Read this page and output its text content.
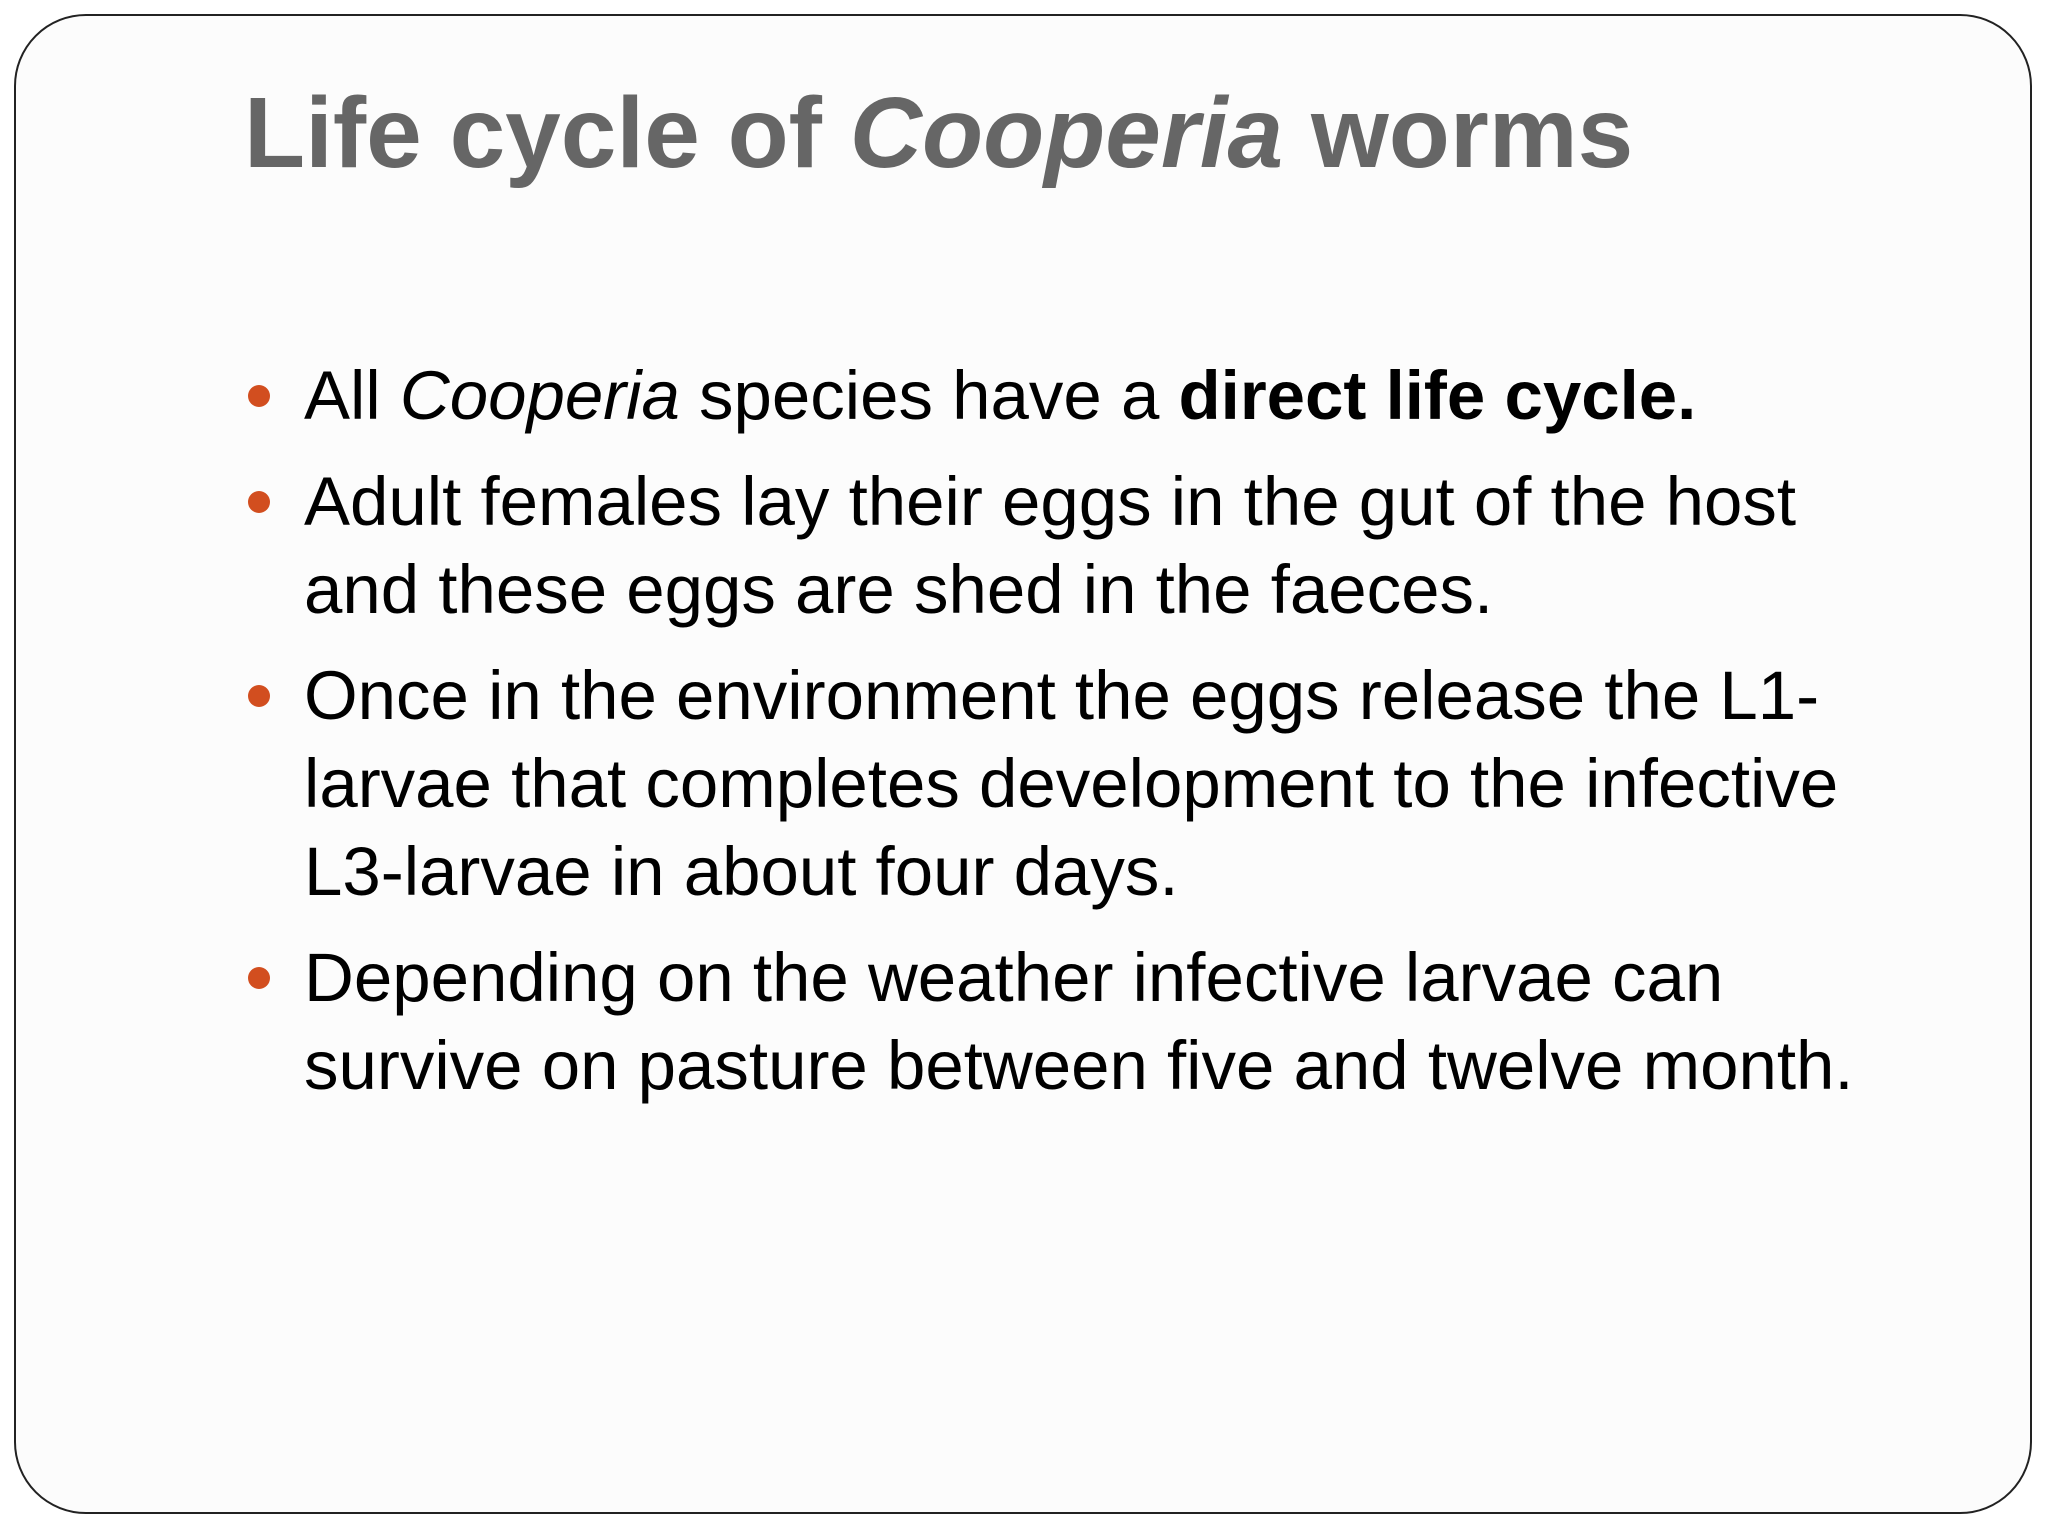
Life cycle of Cooperia worms
All Cooperia species have a direct life cycle.
Adult females lay their eggs in the gut of the host and these eggs are shed in the faeces.
Once in the environment the eggs release the L1-larvae that completes development to the infective L3-larvae in about four days.
Depending on the weather infective larvae can survive on pasture between five and twelve month.
